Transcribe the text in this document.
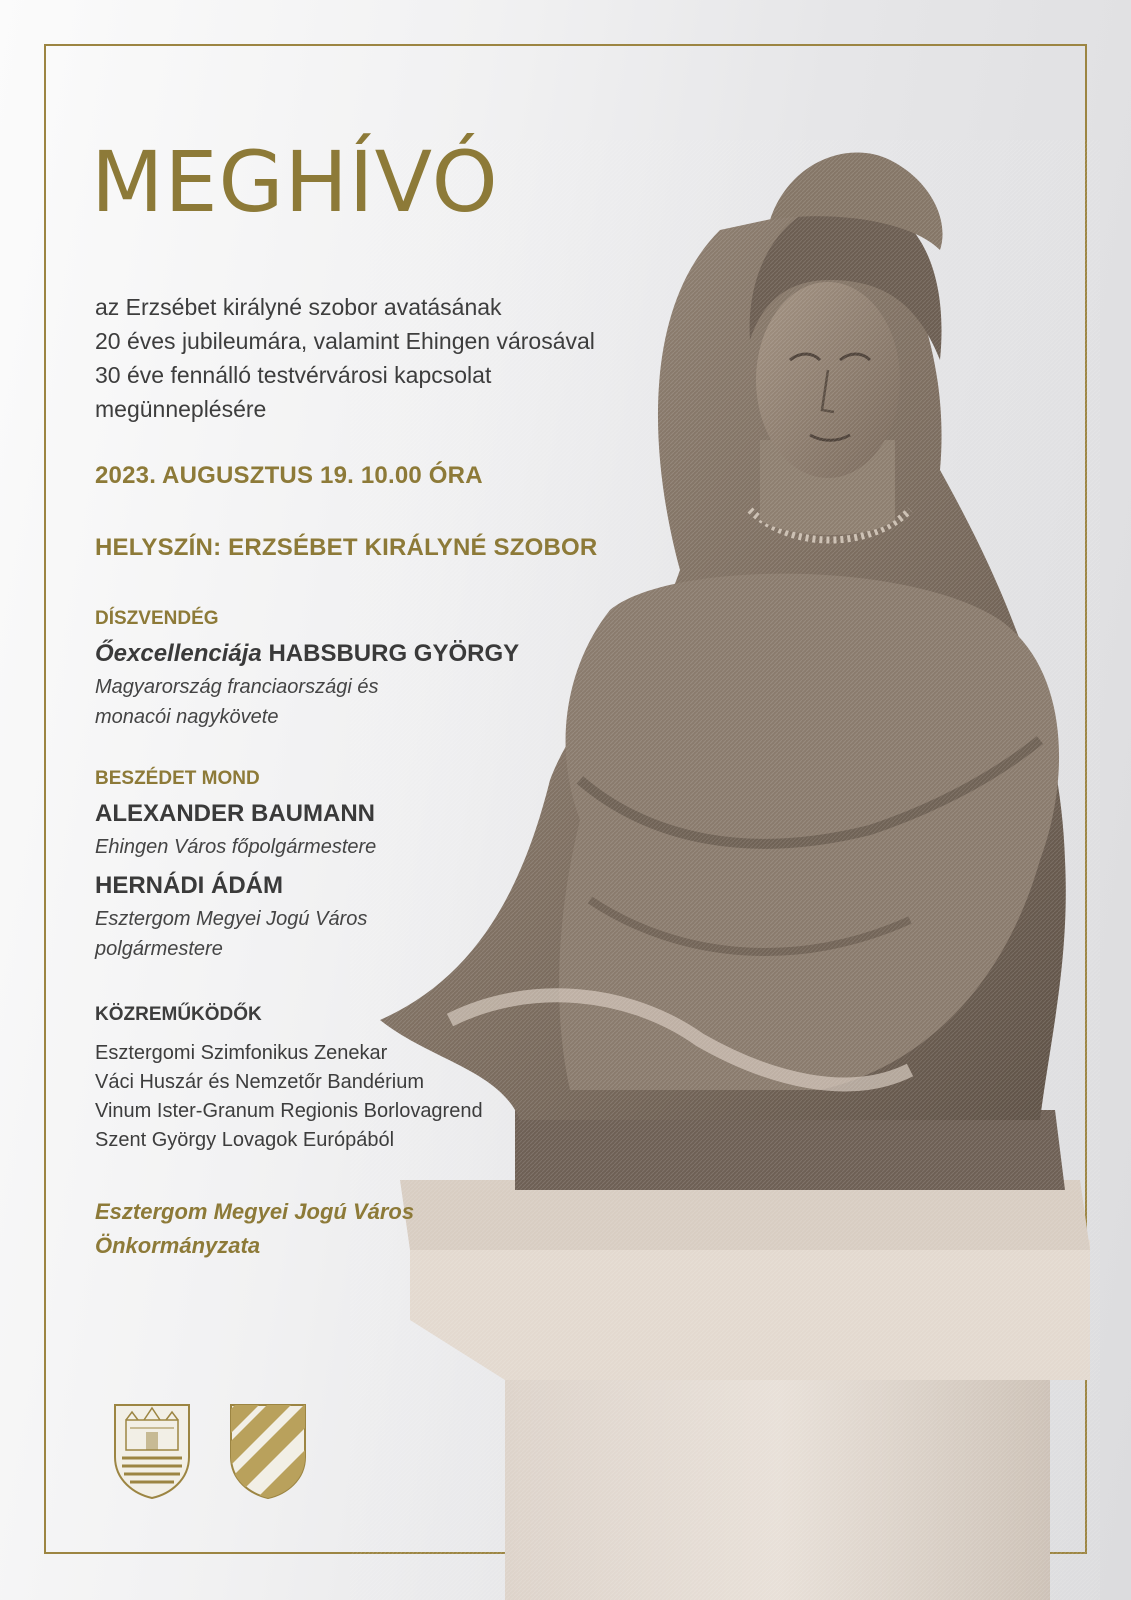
MEGHÍVÓ
az Erzsébet királyné szobor avatásának
20 éves jubileumára, valamint Ehingen városával
30 éve fennálló testvérvárosi kapcsolat
megünneplésére
2023. AUGUSZTUS 19. 10.00 ÓRA
HELYSZÍN: ERZSÉBET KIRÁLYNÉ SZOBOR
DÍSZVENDÉG
Őexcellenciája HABSBURG GYÖRGY
Magyarország franciaországi és
monacói nagykövete
BESZÉDET MOND
ALEXANDER BAUMANN
Ehingen Város főpolgármestere
HERNÁDI ÁDÁM
Esztergom Megyei Jogú Város
polgármestere
KÖZREMŰKÖDŐK
Esztergomi Szimfonikus Zenekar
Váci Huszár és Nemzetőr Bandérium
Vinum Ister-Granum Regionis Borlovagrend
Szent György Lovagok Európából
Esztergom Megyei Jogú Város
Önkormányzata
